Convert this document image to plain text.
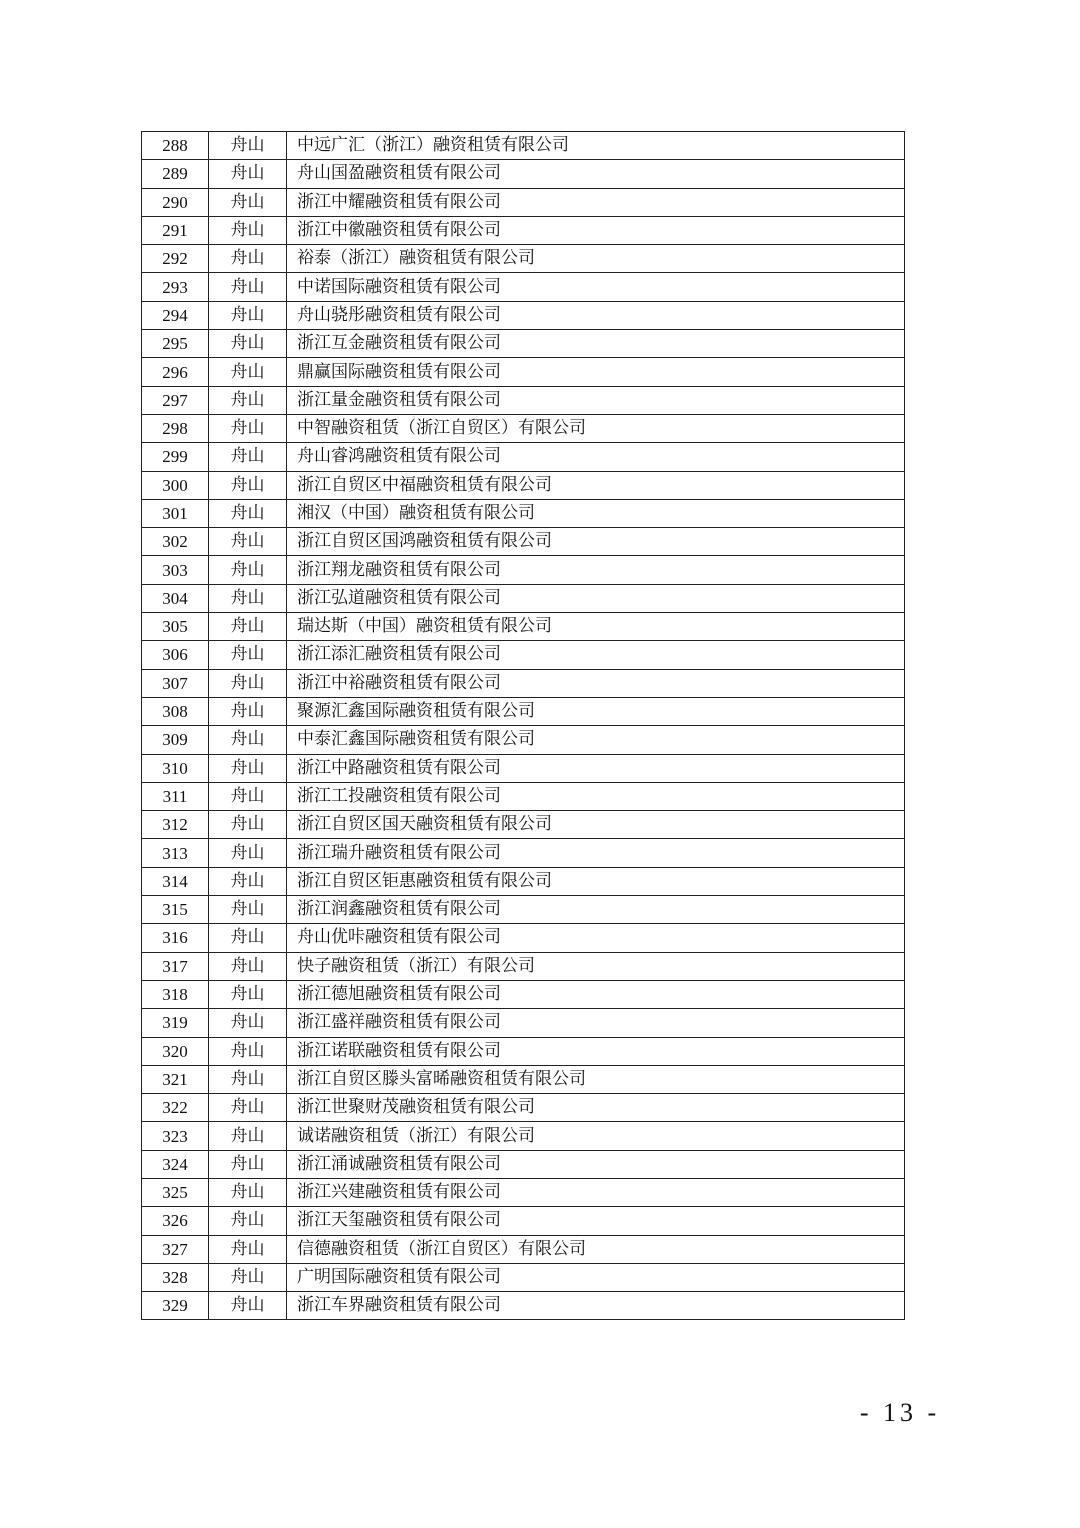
288	舟山	中远广汇（浙江）融资租赁有限公司
289	舟山	舟山国盈融资租赁有限公司
290	舟山	浙江中耀融资租赁有限公司
291	舟山	浙江中徽融资租赁有限公司
292	舟山	裕泰（浙江）融资租赁有限公司
293	舟山	中诺国际融资租赁有限公司
294	舟山	舟山骁彤融资租赁有限公司
295	舟山	浙江互金融资租赁有限公司
296	舟山	鼎赢国际融资租赁有限公司
297	舟山	浙江量金融资租赁有限公司
298	舟山	中智融资租赁（浙江自贸区）有限公司
299	舟山	舟山睿鸿融资租赁有限公司
300	舟山	浙江自贸区中福融资租赁有限公司
301	舟山	湘汉（中国）融资租赁有限公司
302	舟山	浙江自贸区国鸿融资租赁有限公司
303	舟山	浙江翔龙融资租赁有限公司
304	舟山	浙江弘道融资租赁有限公司
305	舟山	瑞达斯（中国）融资租赁有限公司
306	舟山	浙江添汇融资租赁有限公司
307	舟山	浙江中裕融资租赁有限公司
308	舟山	聚源汇鑫国际融资租赁有限公司
309	舟山	中泰汇鑫国际融资租赁有限公司
310	舟山	浙江中路融资租赁有限公司
311	舟山	浙江工投融资租赁有限公司
312	舟山	浙江自贸区国天融资租赁有限公司
313	舟山	浙江瑞升融资租赁有限公司
314	舟山	浙江自贸区钜惠融资租赁有限公司
315	舟山	浙江润鑫融资租赁有限公司
316	舟山	舟山优咔融资租赁有限公司
317	舟山	快子融资租赁（浙江）有限公司
318	舟山	浙江德旭融资租赁有限公司
319	舟山	浙江盛祥融资租赁有限公司
320	舟山	浙江诺联融资租赁有限公司
321	舟山	浙江自贸区滕头富晞融资租赁有限公司
322	舟山	浙江世聚财茂融资租赁有限公司
323	舟山	诚诺融资租赁（浙江）有限公司
324	舟山	浙江涌诚融资租赁有限公司
325	舟山	浙江兴建融资租赁有限公司
326	舟山	浙江天玺融资租赁有限公司
327	舟山	信德融资租赁（浙江自贸区）有限公司
328	舟山	广明国际融资租赁有限公司
329	舟山	浙江车界融资租赁有限公司
- 13 -
